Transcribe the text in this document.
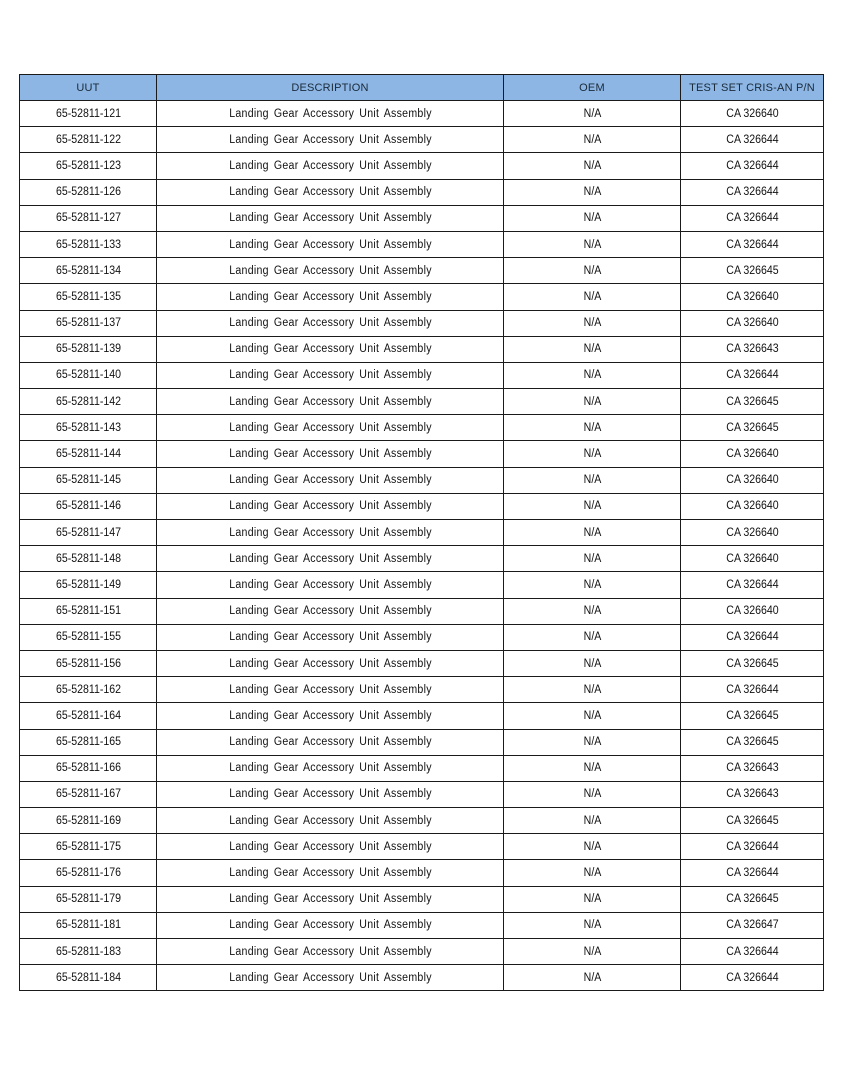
UUT	DESCRIPTION	OEM	TEST SET CRIS-AN P/N
65-52811-121	Landing Gear Accessory Unit Assembly	N/A	CA 326640
65-52811-122	Landing Gear Accessory Unit Assembly	N/A	CA 326644
65-52811-123	Landing Gear Accessory Unit Assembly	N/A	CA 326644
65-52811-126	Landing Gear Accessory Unit Assembly	N/A	CA 326644
65-52811-127	Landing Gear Accessory Unit Assembly	N/A	CA 326644
65-52811-133	Landing Gear Accessory Unit Assembly	N/A	CA 326644
65-52811-134	Landing Gear Accessory Unit Assembly	N/A	CA 326645
65-52811-135	Landing Gear Accessory Unit Assembly	N/A	CA 326640
65-52811-137	Landing Gear Accessory Unit Assembly	N/A	CA 326640
65-52811-139	Landing Gear Accessory Unit Assembly	N/A	CA 326643
65-52811-140	Landing Gear Accessory Unit Assembly	N/A	CA 326644
65-52811-142	Landing Gear Accessory Unit Assembly	N/A	CA 326645
65-52811-143	Landing Gear Accessory Unit Assembly	N/A	CA 326645
65-52811-144	Landing Gear Accessory Unit Assembly	N/A	CA 326640
65-52811-145	Landing Gear Accessory Unit Assembly	N/A	CA 326640
65-52811-146	Landing Gear Accessory Unit Assembly	N/A	CA 326640
65-52811-147	Landing Gear Accessory Unit Assembly	N/A	CA 326640
65-52811-148	Landing Gear Accessory Unit Assembly	N/A	CA 326640
65-52811-149	Landing Gear Accessory Unit Assembly	N/A	CA 326644
65-52811-151	Landing Gear Accessory Unit Assembly	N/A	CA 326640
65-52811-155	Landing Gear Accessory Unit Assembly	N/A	CA 326644
65-52811-156	Landing Gear Accessory Unit Assembly	N/A	CA 326645
65-52811-162	Landing Gear Accessory Unit Assembly	N/A	CA 326644
65-52811-164	Landing Gear Accessory Unit Assembly	N/A	CA 326645
65-52811-165	Landing Gear Accessory Unit Assembly	N/A	CA 326645
65-52811-166	Landing Gear Accessory Unit Assembly	N/A	CA 326643
65-52811-167	Landing Gear Accessory Unit Assembly	N/A	CA 326643
65-52811-169	Landing Gear Accessory Unit Assembly	N/A	CA 326645
65-52811-175	Landing Gear Accessory Unit Assembly	N/A	CA 326644
65-52811-176	Landing Gear Accessory Unit Assembly	N/A	CA 326644
65-52811-179	Landing Gear Accessory Unit Assembly	N/A	CA 326645
65-52811-181	Landing Gear Accessory Unit Assembly	N/A	CA 326647
65-52811-183	Landing Gear Accessory Unit Assembly	N/A	CA 326644
65-52811-184	Landing Gear Accessory Unit Assembly	N/A	CA 326644
